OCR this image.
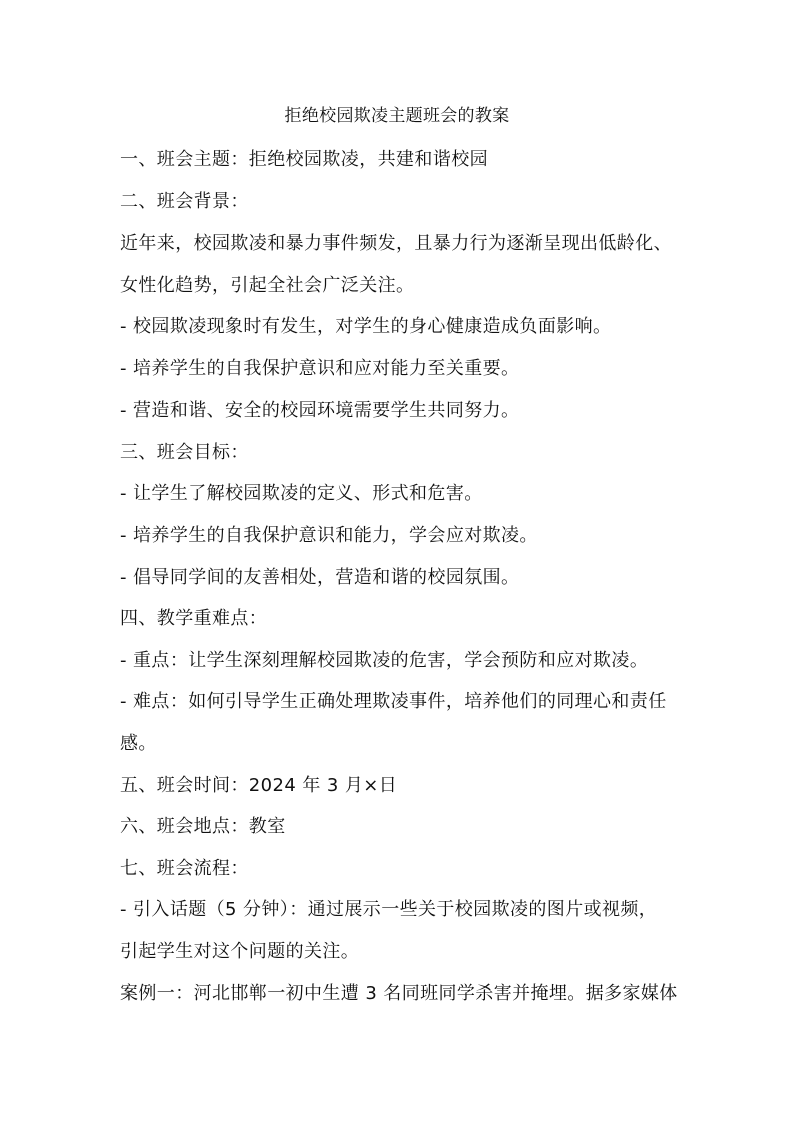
拒绝校园欺凌主题班会的教案
一、班会主题：拒绝校园欺凌，共建和谐校园
二、班会背景：
近年来，校园欺凌和暴力事件频发，且暴力行为逐渐呈现出低龄化、
女性化趋势，引起全社会广泛关注。
- 校园欺凌现象时有发生，对学生的身心健康造成负面影响。
- 培养学生的自我保护意识和应对能力至关重要。
- 营造和谐、安全的校园环境需要学生共同努力。
三、班会目标：
- 让学生了解校园欺凌的定义、形式和危害。
- 培养学生的自我保护意识和能力，学会应对欺凌。
- 倡导同学间的友善相处，营造和谐的校园氛围。
四、教学重难点：
- 重点：让学生深刻理解校园欺凌的危害，学会预防和应对欺凌。
- 难点：如何引导学生正确处理欺凌事件，培养他们的同理心和责任
感。
五、班会时间：2024 年 3 月×日
六、班会地点：教室
七、班会流程：
- 引入话题（5 分钟）：通过展示一些关于校园欺凌的图片或视频，
引起学生对这个问题的关注。
案例一：河北邯郸一初中生遭 3 名同班同学杀害并掩埋。据多家媒体
